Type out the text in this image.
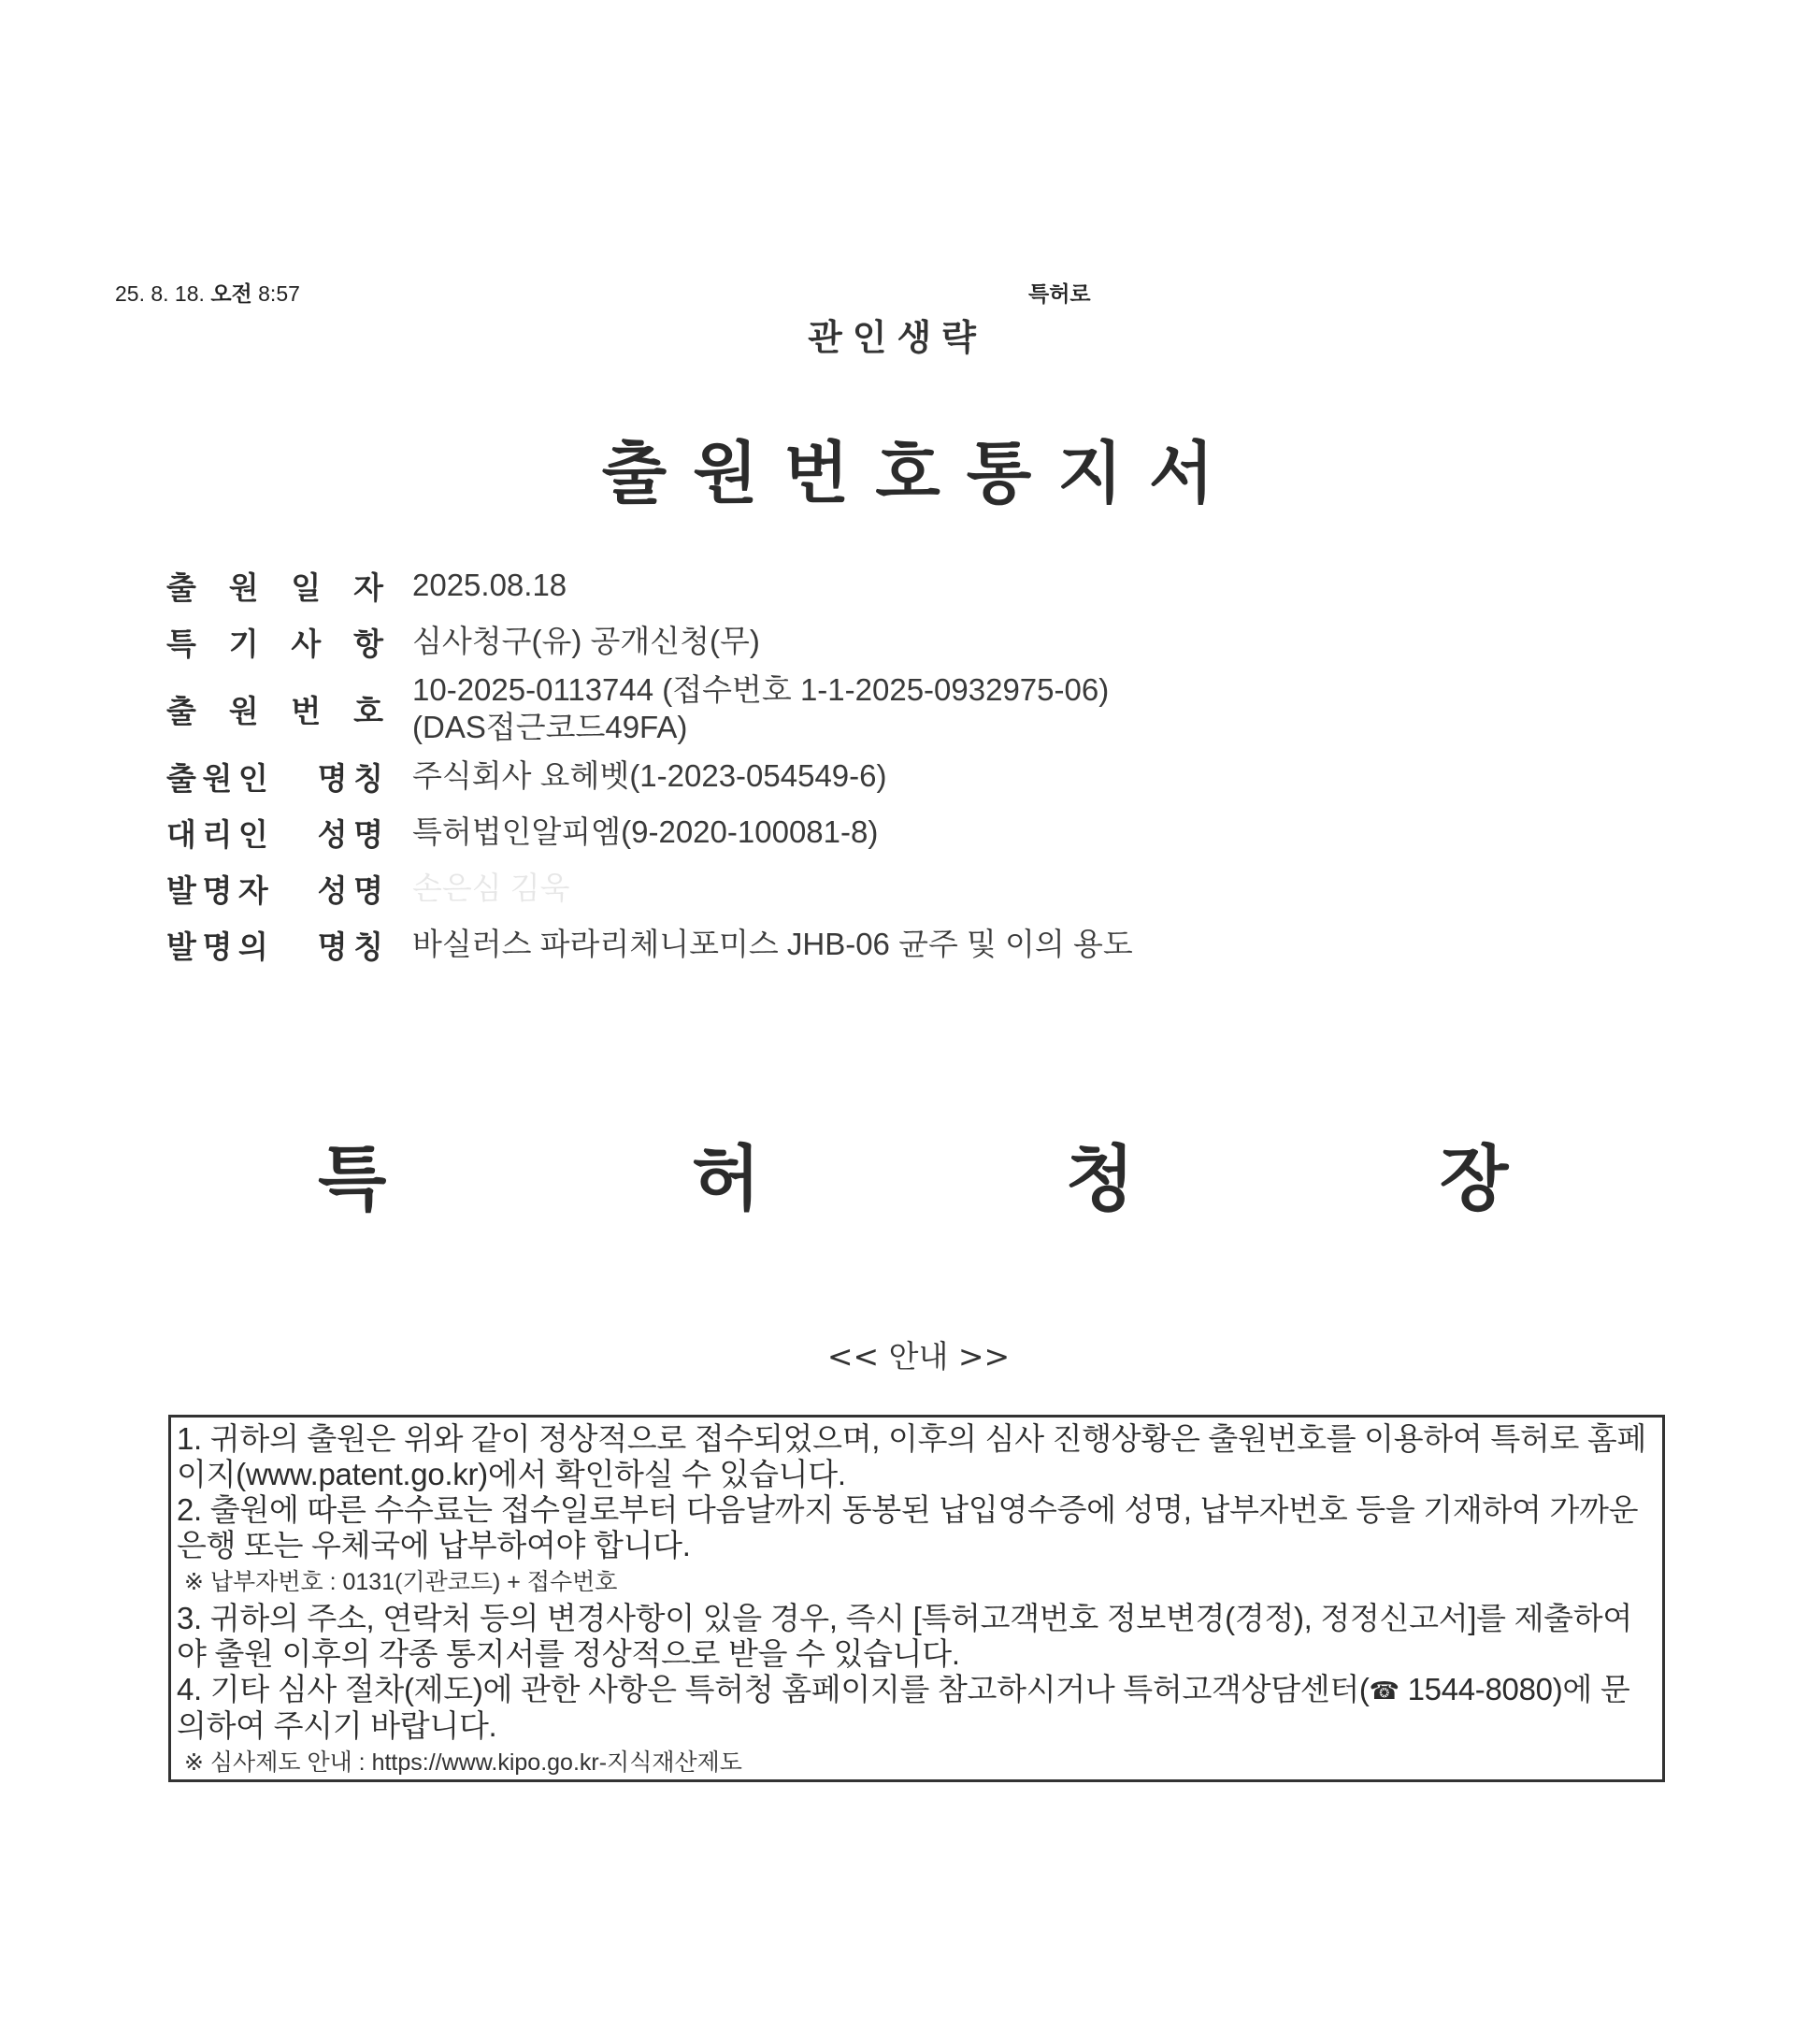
25. 8. 18. 오전 8:57	특허로
관인생략
출원번호통지서
출 원 일 자 2025.08.18
특 기 사 항 심사청구(유) 공개신청(무)
출 원 번 호
10-2025-0113744 (접수번호 1-1-2025-0932975-06)
(DAS접근코드49FA)
출 원 인 명 칭 주식회사 요헤벳(1-2023-054549-6)
대 리 인 성 명 특허법인알피엠(9-2020-100081-8)
발 명 자 성 명 손은심 김욱
발 명 의 명 칭 바실러스 파라리체니포미스 JHB-06 균주 및 이의 용도
특	허	청	장
<< 안내 >>
1. 귀하의 출원은 위와 같이 정상적으로 접수되었으며, 이후의 심사 진행상황은 출원번호를 이용하여 특허로 홈페이지(www.patent.go.kr)에서 확인하실 수 있습니다.
2. 출원에 따른 수수료는 접수일로부터 다음날까지 동봉된 납입영수증에 성명, 납부자번호 등을 기재하여 가까운 은행 또는 우체국에 납부하여야 합니다.
※ 납부자번호 : 0131(기관코드) + 접수번호
3. 귀하의 주소, 연락처 등의 변경사항이 있을 경우, 즉시 [특허고객번호 정보변경(경정), 정정신고서]를 제출하여야 출원 이후의 각종 통지서를 정상적으로 받을 수 있습니다.
4. 기타 심사 절차(제도)에 관한 사항은 특허청 홈페이지를 참고하시거나 특허고객상담센터(☎ 1544-8080)에 문의하여 주시기 바랍니다.
※ 심사제도 안내 : https://www.kipo.go.kr-지식재산제도
